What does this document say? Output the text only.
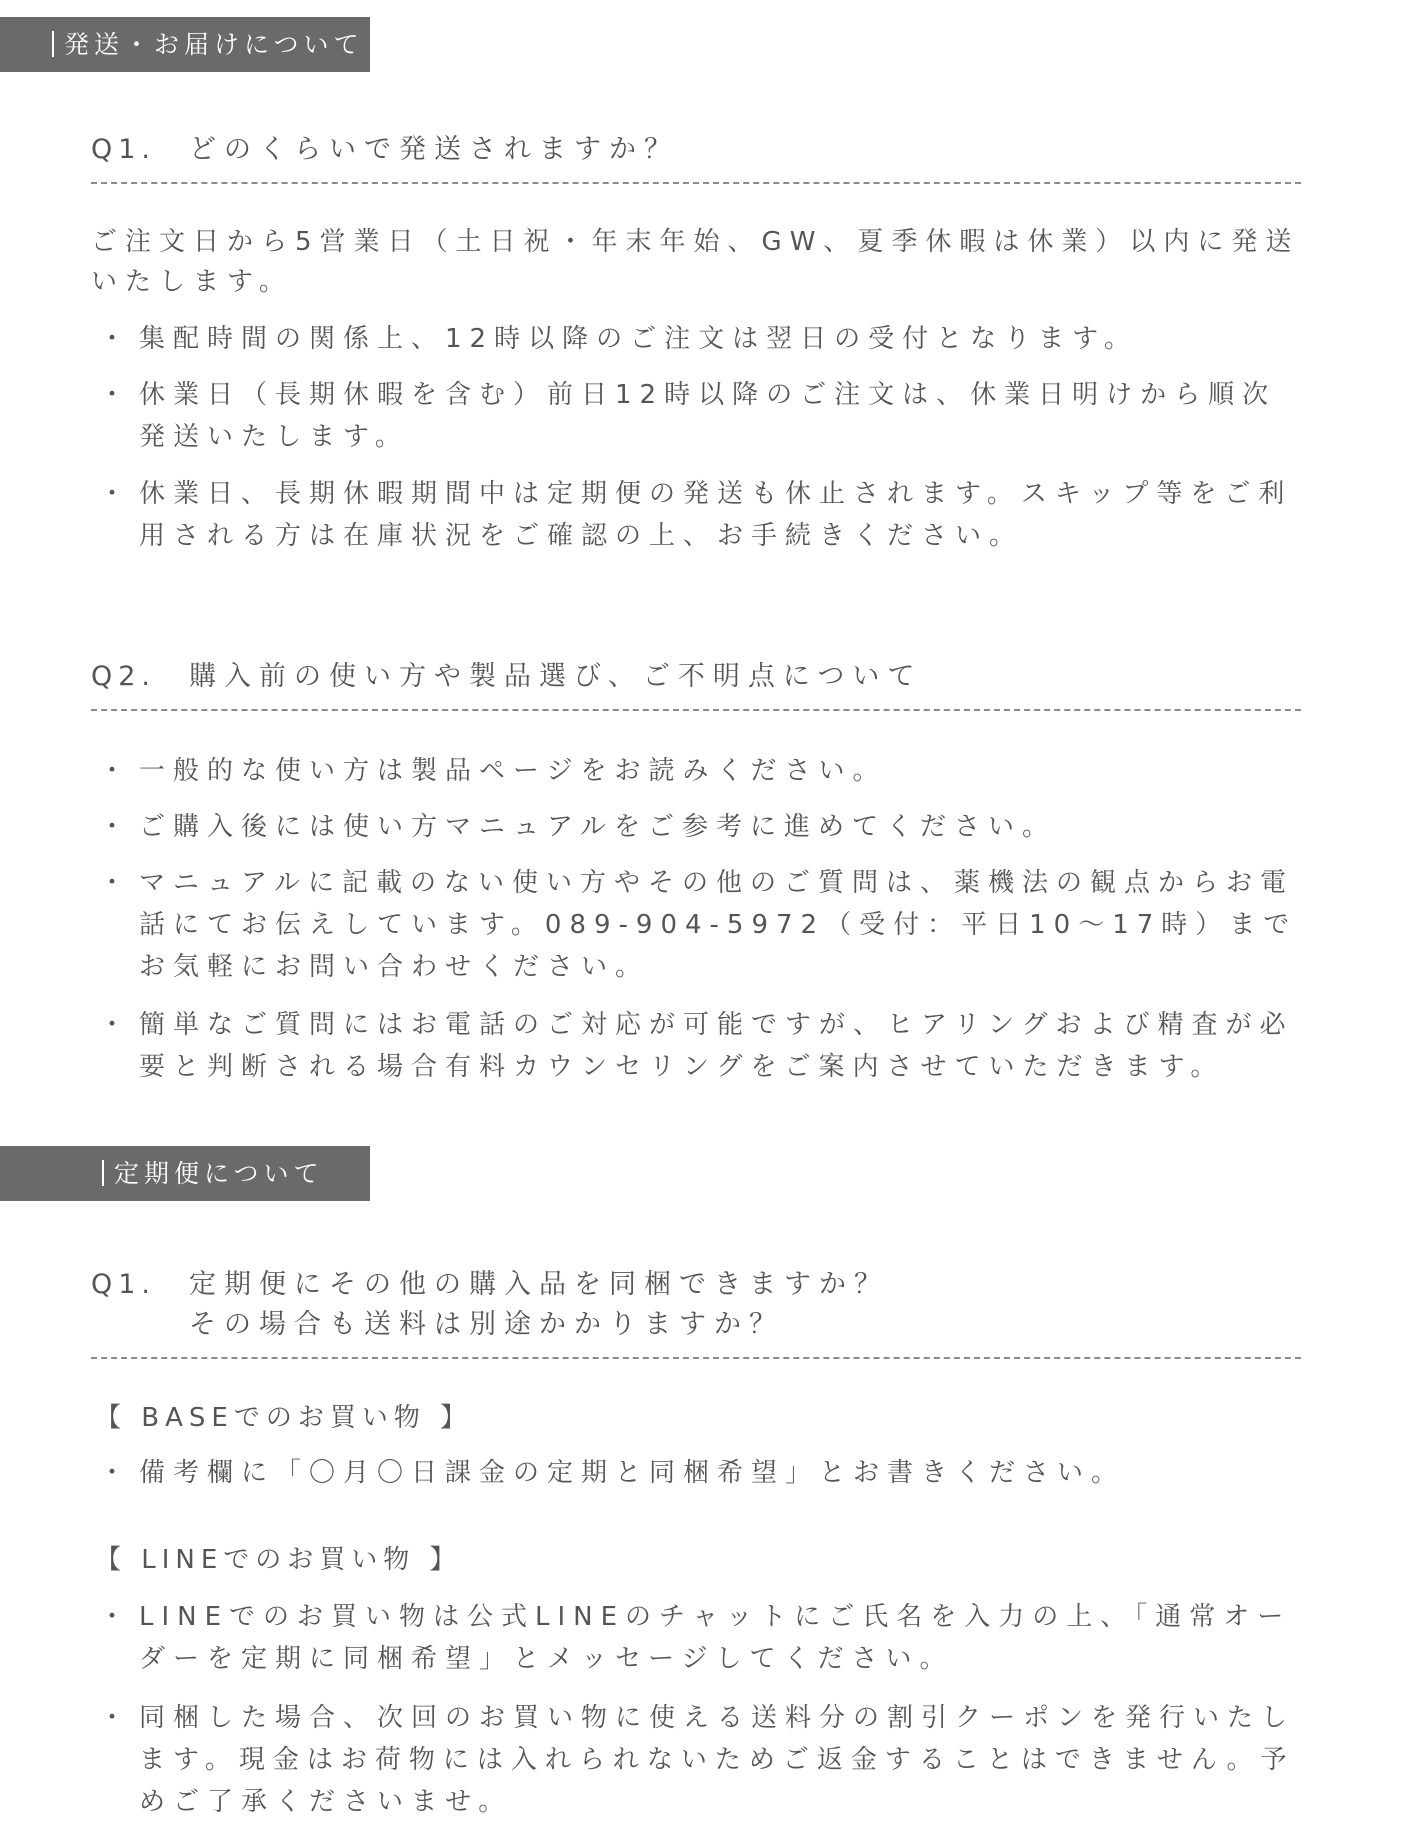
発送・お届けについて
Q1. どのくらいで発送されますか？
ご注文日から5営業日（土日祝・年末年始、GW、夏季休暇は休業）以内に発送いたします。
・ 集配時間の関係上、12時以降のご注文は翌日の受付となります。
・ 休業日（長期休暇を含む）前日12時以降のご注文は、休業日明けから順次発送いたします。
・ 休業日、長期休暇期間中は定期便の発送も休止されます。スキップ等をご利用される方は在庫状況をご確認の上、お手続きください。
Q2. 購入前の使い方や製品選び、ご不明点について
・ 一般的な使い方は製品ページをお読みください。
・ ご購入後には使い方マニュアルをご参考に進めてください。
・ マニュアルに記載のない使い方やその他のご質問は、薬機法の観点からお電話にてお伝えしています。089-904-5972（受付：平日10～17時）までお気軽にお問い合わせください。
・ 簡単なご質問にはお電話のご対応が可能ですが、ヒアリングおよび精査が必要と判断される場合有料カウンセリングをご案内させていただきます。
定期便について
Q1. 定期便にその他の購入品を同梱できますか？
その場合も送料は別途かかりますか？
【 BASEでのお買い物 】
・ 備考欄に「〇月〇日課金の定期と同梱希望」とお書きください。
【 LINEでのお買い物 】
・ LINEでのお買い物は公式LINEのチャットにご氏名を入力の上、「通常オーダーを定期に同梱希望」とメッセージしてください。
・ 同梱した場合、次回のお買い物に使える送料分の割引クーポンを発行いたします。現金はお荷物には入れられないためご返金することはできません。予めご了承くださいませ。
